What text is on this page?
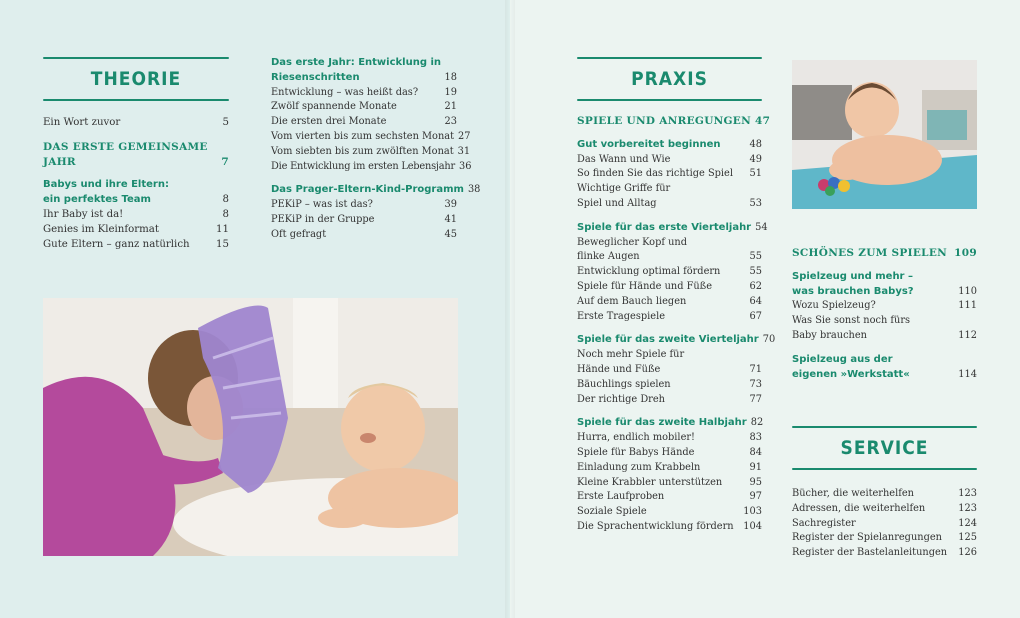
THEORIE
Ein Wort zuvor	5
DAS ERSTE GEMEINSAME
JAHR	7
Babys und ihre Eltern:
ein perfektes Team	8
Ihr Baby ist da!	8
Genies im Kleinformat	11
Gute Eltern – ganz natürlich	15
Das erste Jahr: Entwicklung in
Riesenschritten	18
Entwicklung – was heißt das?	19
Zwölf spannende Monate	21
Die ersten drei Monate	23
Vom vierten bis zum sechsten Monat 27
Vom siebten bis zum zwölften Monat 31
Die Entwicklung im ersten Lebensjahr 36
Das Prager-Eltern-Kind-Programm 38
PEKiP – was ist das?	39
PEKiP in der Gruppe	41
Oft gefragt	45
PRAXIS
SPIELE UND ANREGUNGEN 47
Gut vorbereitet beginnen	48
Das Wann und Wie	49
So finden Sie das richtige Spiel	51
Wichtige Griffe für
Spiel und Alltag	53
Spiele für das erste Vierteljahr 54
Beweglicher Kopf und
flinke Augen	55
Entwicklung optimal fördern	55
Spiele für Hände und Füße	62
Auf dem Bauch liegen	64
Erste Tragespiele	67
Spiele für das zweite Vierteljahr 70
Noch mehr Spiele für
Hände und Füße	71
Bäuchlings spielen	73
Der richtige Dreh	77
Spiele für das zweite Halbjahr 82
Hurra, endlich mobiler!	83
Spiele für Babys Hände	84
Einladung zum Krabbeln	91
Kleine Krabbler unterstützen	95
Erste Laufproben	97
Soziale Spiele	103
Die Sprachentwicklung fördern 104
SCHÖNES ZUM SPIELEN 109
Spielzeug und mehr –
was brauchen Babys?	110
Wozu Spielzeug?	111
Was Sie sonst noch fürs
Baby brauchen	112
Spielzeug aus der
eigenen »Werkstatt«	114
SERVICE
Bücher, die weiterhelfen	123
Adressen, die weiterhelfen	123
Sachregister	124
Register der Spielanregungen	125
Register der Bastelanleitungen	126
